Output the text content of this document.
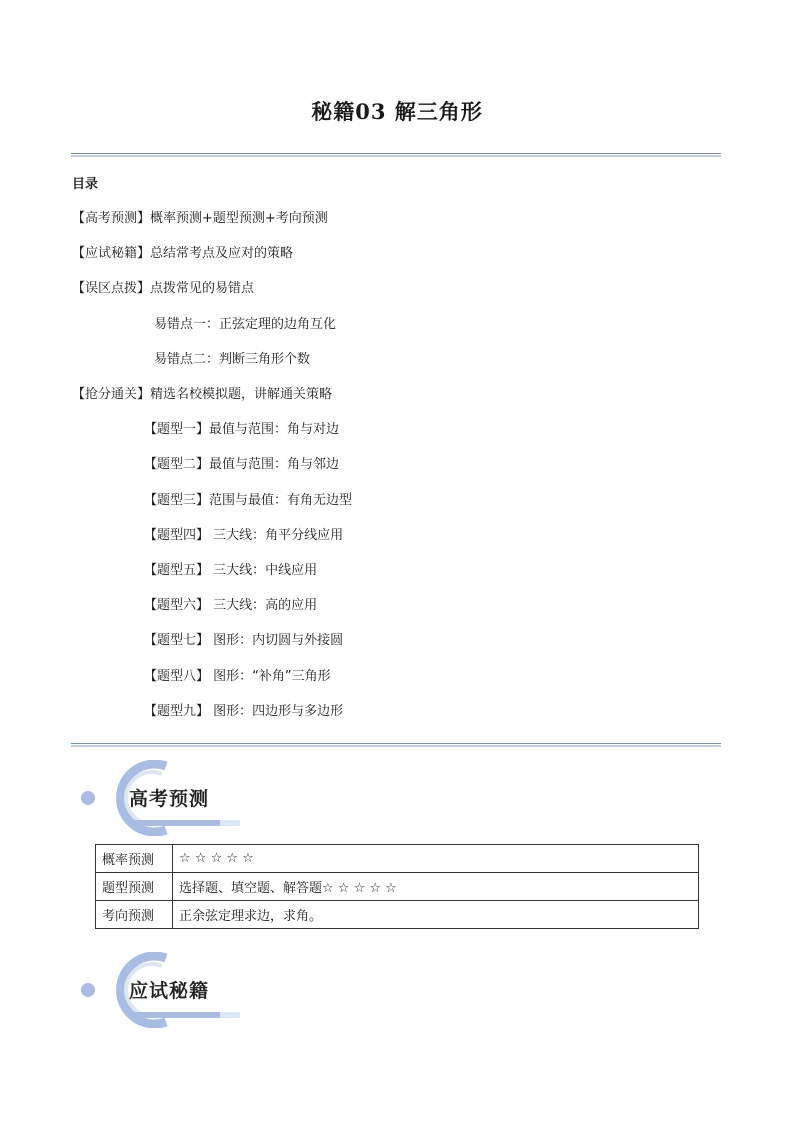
秘籍03 解三角形
目录
【高考预测】概率预测+题型预测+考向预测
【应试秘籍】总结常考点及应对的策略
【误区点拨】点拨常见的易错点
易错点一：正弦定理的边角互化
易错点二：判断三角形个数
【抢分通关】精选名校模拟题，讲解通关策略
【题型一】最值与范围：角与对边
【题型二】最值与范围：角与邻边
【题型三】范围与最值：有角无边型
【题型四】 三大线：角平分线应用
【题型五】 三大线：中线应用
【题型六】 三大线：高的应用
【题型七】 图形：内切圆与外接圆
【题型八】 图形：“补角”三角形
【题型九】 图形：四边形与多边形
高考预测
概率预测	☆ ☆ ☆ ☆ ☆
题型预测	选择题、填空题、解答题☆ ☆ ☆ ☆ ☆
考向预测	正余弦定理求边，求角。
应试秘籍
